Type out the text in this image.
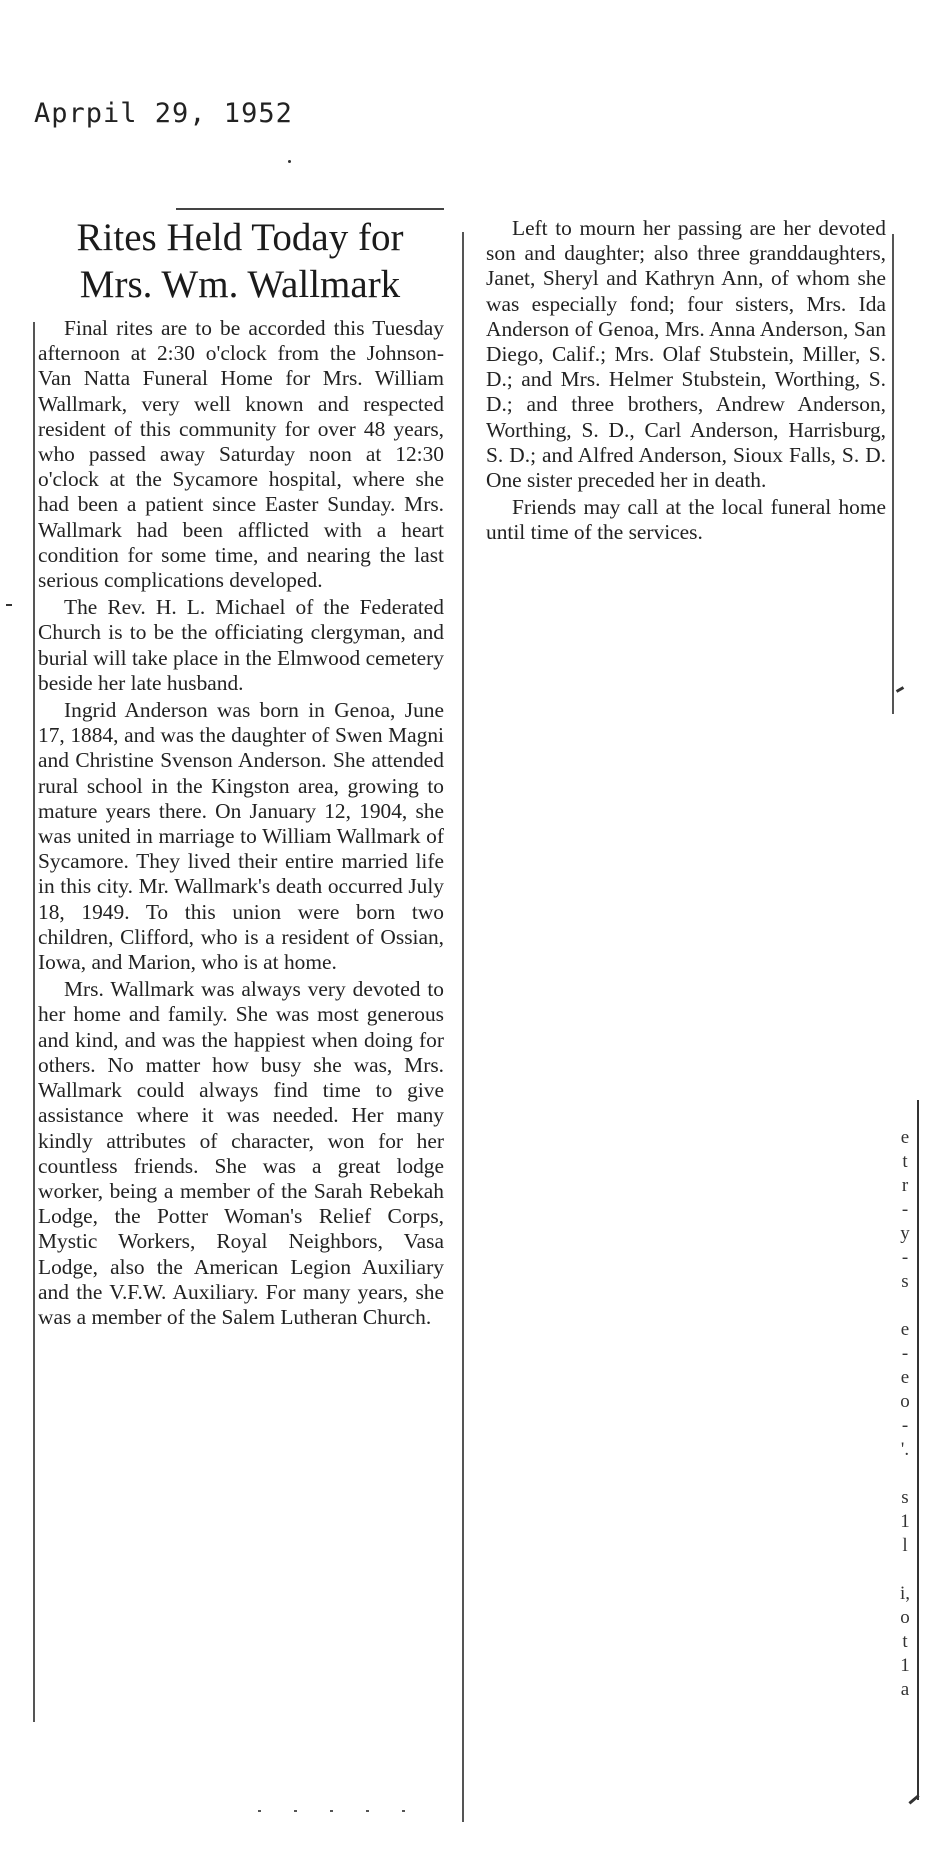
Aprpil 29, 1952
Rites Held Today for
Mrs. Wm. Wallmark

Final rites are to be accorded this Tuesday afternoon at 2:30 o'clock from the Johnson-Van Natta Funeral Home for Mrs. William Wallmark, very well known and respected resident of this community for over 48 years, who passed away Saturday noon at 12:30 o'clock at the Sycamore hospital, where she had been a patient since Easter Sunday. Mrs. Wallmark had been afflicted with a heart condition for some time, and nearing the last serious complications developed.

The Rev. H. L. Michael of the Federated Church is to be the officiating clergyman, and burial will take place in the Elmwood cemetery beside her late husband.

Ingrid Anderson was born in Genoa, June 17, 1884, and was the daughter of Swen Magni and Christine Svenson Anderson. She attended rural school in the Kingston area, growing to mature years there. On January 12, 1904, she was united in marriage to William Wallmark of Sycamore. They lived their entire married life in this city. Mr. Wallmark's death occurred July 18, 1949. To this union were born two children, Clifford, who is a resident of Ossian, Iowa, and Marion, who is at home.

Mrs. Wallmark was always very devoted to her home and family. She was most generous and kind, and was the happiest when doing for others. No matter how busy she was, Mrs. Wallmark could always find time to give assistance where it was needed. Her many kindly attributes of character, won for her countless friends. She was a great lodge worker, being a member of the Sarah Rebekah Lodge, the Potter Woman's Relief Corps, Mystic Workers, Royal Neighbors, Vasa Lodge, also the American Legion Auxiliary and the V.F.W. Auxiliary. For many years, she was a member of the Salem Lutheran Church.

Left to mourn her passing are her devoted son and daughter; also three granddaughters, Janet, Sheryl and Kathryn Ann, of whom she was especially fond; four sisters, Mrs. Ida Anderson of Genoa, Mrs. Anna Anderson, San Diego, Calif.; Mrs. Olaf Stubstein, Miller, S. D.; and Mrs. Helmer Stubstein, Worthing, S. D.; and three brothers, Andrew Anderson, Worthing, S. D., Carl Anderson, Harrisburg, S. D.; and Alfred Anderson, Sioux Falls, S. D. One sister preceded her in death.

Friends may call at the local funeral home until time of the services.

e
t
r
-
y
-
s
e
-
e
o
-
'.
s
1
l
i,
o
t
1
a
